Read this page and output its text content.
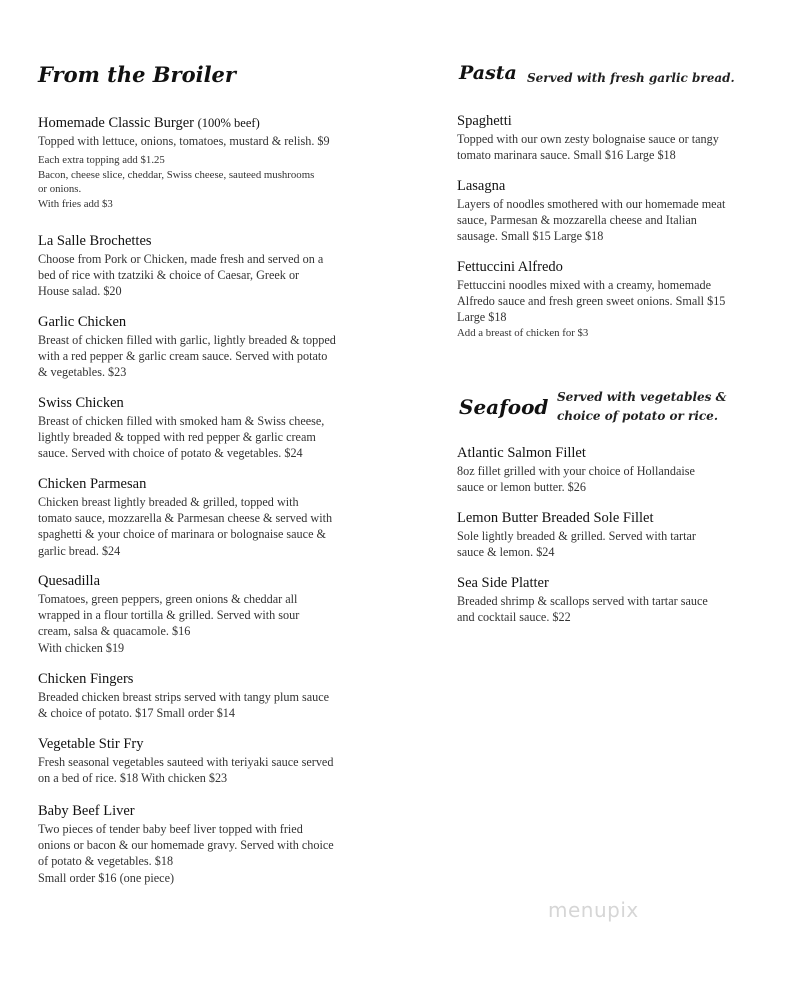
From the Broiler
Homemade Classic Burger (100% beef)
Topped with lettuce, onions, tomatoes, mustard & relish. $9
Each extra topping add $1.25
Bacon, cheese slice, cheddar, Swiss cheese, sauteed mushrooms
or onions.
With fries add $3
La Salle Brochettes
Choose from Pork or Chicken, made fresh and served on a
bed of rice with tzatziki & choice of Caesar, Greek or
House salad. $20
Garlic Chicken
Breast of chicken filled with garlic, lightly breaded & topped
with a red pepper & garlic cream sauce. Served with potato
& vegetables. $23
Swiss Chicken
Breast of chicken filled with smoked ham & Swiss cheese,
lightly breaded & topped with red pepper & garlic cream
sauce. Served with choice of potato & vegetables. $24
Chicken Parmesan
Chicken breast lightly breaded & grilled, topped with
tomato sauce, mozzarella & Parmesan cheese & served with
spaghetti & your choice of marinara or bolognaise sauce &
garlic bread. $24
Quesadilla
Tomatoes, green peppers, green onions & cheddar all
wrapped in a flour tortilla & grilled. Served with sour
cream, salsa & quacamole. $16
With chicken $19
Chicken Fingers
Breaded chicken breast strips served with tangy plum sauce
& choice of potato. $17 Small order $14
Vegetable Stir Fry
Fresh seasonal vegetables sauteed with teriyaki sauce served
on a bed of rice. $18 With chicken $23
Baby Beef Liver
Two pieces of tender baby beef liver topped with fried
onions or bacon & our homemade gravy. Served with choice
of potato & vegetables. $18
Small order $16 (one piece)
Pasta Served with fresh garlic bread.
Spaghetti
Topped with our own zesty bolognaise sauce or tangy
tomato marinara sauce. Small $16 Large $18
Lasagna
Layers of noodles smothered with our homemade meat
sauce, Parmesan & mozzarella cheese and Italian
sausage. Small $15 Large $18
Fettuccini Alfredo
Fettuccini noodles mixed with a creamy, homemade
Alfredo sauce and fresh green sweet onions. Small $15
Large $18
Add a breast of chicken for $3
Seafood Served with vegetables &
choice of potato or rice.
Atlantic Salmon Fillet
8oz fillet grilled with your choice of Hollandaise
sauce or lemon butter. $26
Lemon Butter Breaded Sole Fillet
Sole lightly breaded & grilled. Served with tartar
sauce & lemon. $24
Sea Side Platter
Breaded shrimp & scallops served with tartar sauce
and cocktail sauce. $22
menupix
